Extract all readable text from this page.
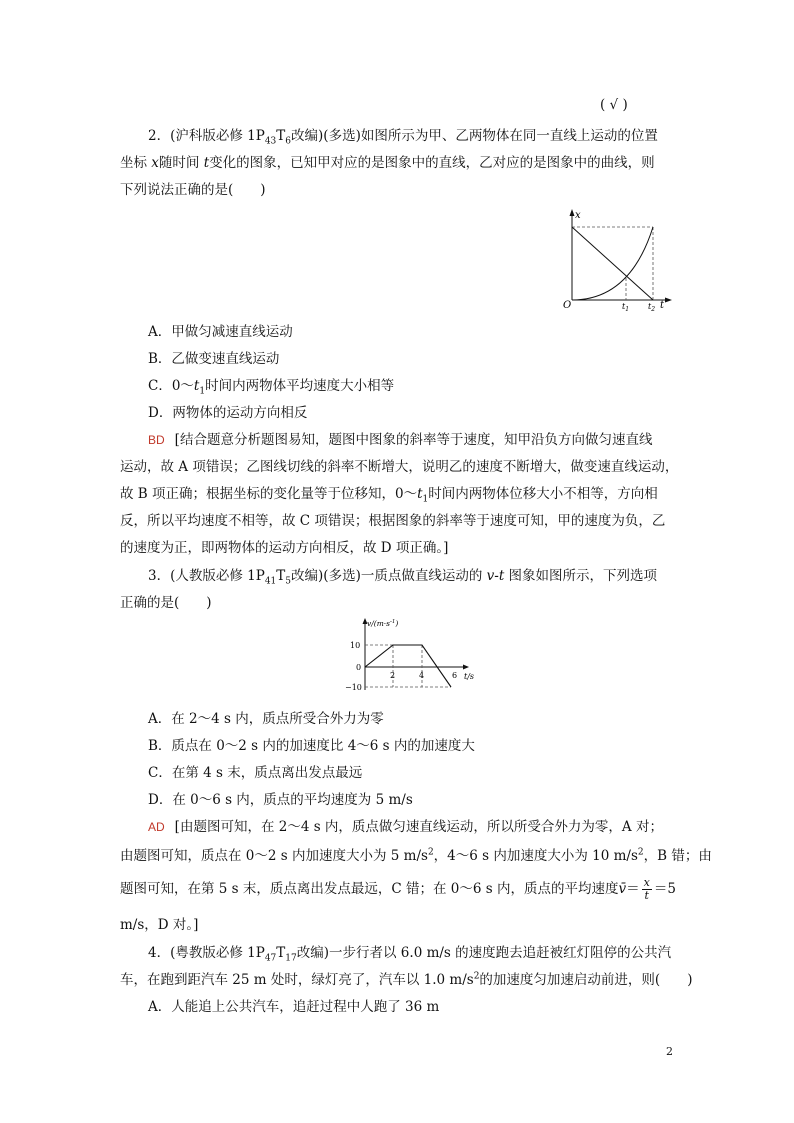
( √ )
2．(沪科版必修 $1P_{43}T_6$改编)(多选)如图所示为甲、乙两物体在同一直线上运动的位置
坐标 x随时间 t变化的图象，已知甲对应的是图象中的直线，乙对应的是图象中的曲线，则
下列说法正确的是(　　)
x
t
O	$t_1$ $t_2$
A．甲做匀减速直线运动
B．乙做变速直线运动
C．$0\sim t_1$时间内两物体平均速度大小相等
D．两物体的运动方向相反
BD [结合题意分析题图易知，题图中图象的斜率等于速度，知甲沿负方向做匀速直线
运动，故 A 项错误；乙图线切线的斜率不断增大，说明乙的速度不断增大，做变速直线运动，
故 B 项正确；根据坐标的变化量等于位移知，$0\sim t_1$时间内两物体位移大小不相等，方向相
反，所以平均速度不相等，故 C 项错误；根据图象的斜率等于速度可知，甲的速度为负，乙
的速度为正，即两物体的运动方向相反，故 D 项正确。]
3．(人教版必修 $1P_{41}T_5$改编)(多选)一质点做直线运动的 v-t 图象如图所示，下列选项
正确的是(　　)
$v/(m\cdot s^{-1})$
t/s
10
0
−10
2	4	6
A．在 2～4 s 内，质点所受合外力为零
B．质点在 0～2 s 内的加速度比 4～6 s 内的加速度大
C．在第 4 s 末，质点离出发点最远
D．在 0～6 s 内，质点的平均速度为 5 m/s
AD [由题图可知，在 2～4 s 内，质点做匀速直线运动，所以所受合外力为零，A 对；
由题图可知，质点在 0～2 s 内加速度大小为 5 $m/s^2$，4～6 s 内加速度大小为 10 $m/s^2$，B 错；由
题图可知，在第 5 s 末，质点离出发点最远，C 错；在 0～6 s 内，质点的平均速度v̄＝ $\frac{x}{t} =5$
m/s，D 对。]
4．(粤教版必修 $1P_{47}T_{17}$改编)一步行者以 6.0 m/s 的速度跑去追赶被红灯阻停的公共汽
车，在跑到距汽车 25 m 处时，绿灯亮了，汽车以 1.0 $m/s^2$的加速度匀加速启动前进，则(　　)
A．人能追上公共汽车，追赶过程中人跑了 36 m
2
